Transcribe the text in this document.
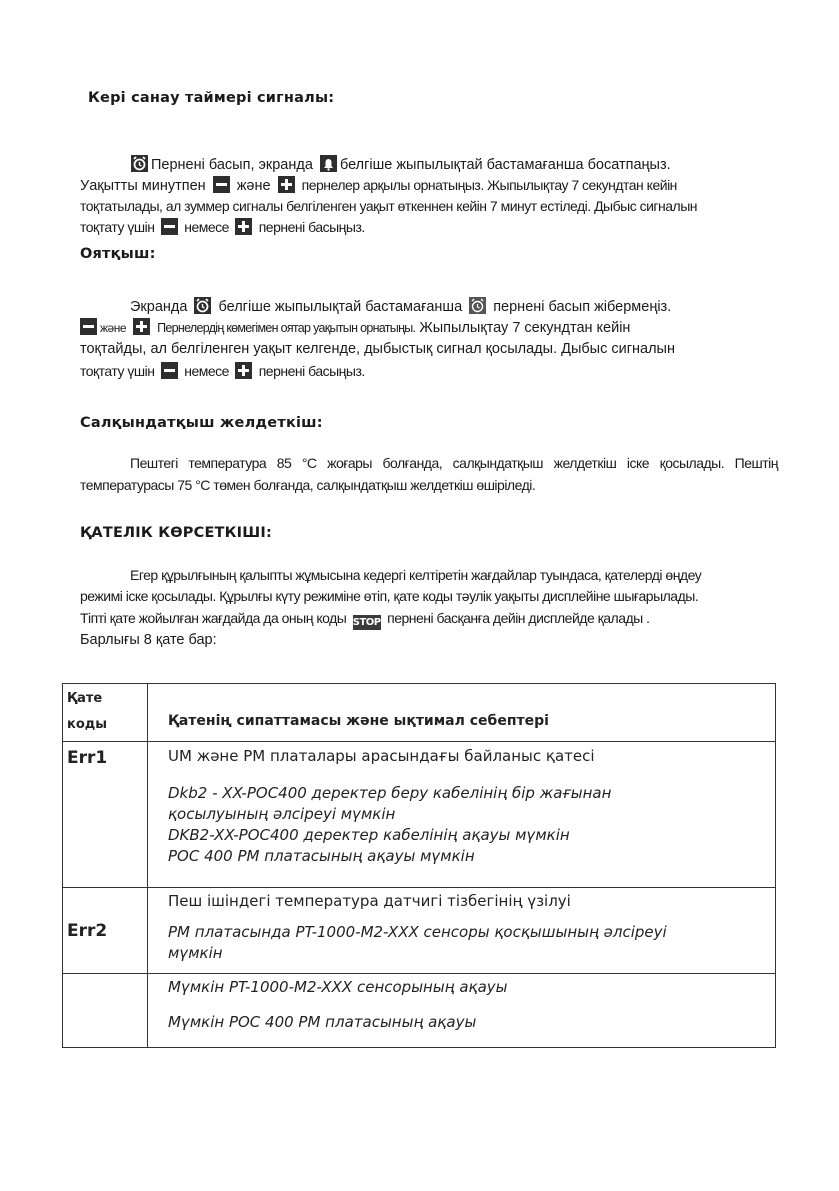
Кері санау таймері сигналы:
Пернені басып, экранда белгіше жыпылықтай бастамағанша босатпаңыз.
Уақытты минутпен және пернелер арқылы орнатыңыз. Жыпылықтау 7 секундтан кейін
тоқтатылады, ал зуммер сигналы белгіленген уақыт өткеннен кейін 7 минут естіледі. Дыбыс сигналын
тоқтату үшін немесе пернені басыңыз.
Оятқыш:
Экранда белгіше жыпылықтай бастамағанша пернені басып жібермеңіз.
және Пернелердің көмегімен оятар уақытын орнатыңы. Жыпылықтау 7 секундтан кейін
тоқтайды, ал белгіленген уақыт келгенде, дыбыстық сигнал қосылады. Дыбыс сигналын
тоқтату үшін немесе пернені басыңыз.
Салқындатқыш желдеткіш:
Пештегі температура 85 °C жоғары болғанда, салқындатқыш желдеткіш іске қосылады. Пештің
температурасы 75 °C төмен болғанда, салқындатқыш желдеткіш өшіріледі.
ҚАТЕЛІК КӨРСЕТКІШІ:
Егер құрылғының қалыпты жұмысына кедергі келтіретін жағдайлар туындаса, қателерді өңдеу
режимі іске қосылады. Құрылғы күту режиміне өтіп, қате коды тәулік уақыты дисплейіне шығарылады.
Тіпті қате жойылған жағдайда да оның коды STOP пернені басқанға дейін дисплейде қалады .
Барлығы 8 қате бар:
Қате
коды	Қатенің сипаттамасы және ықтимал себептері
Err1	UM және PM платалары арасындағы байланыс қатесі

Dkb2 - XX-POC400 деректер беру кабелінің бір жағынан

қосылуының әлсіреуі мүмкін

DKB2-XX-POC400 деректер кабелінің ақауы мүмкін

POC 400 PM платасының ақауы мүмкін

Err2	Пеш ішіндегі температура датчигі тізбегінің үзілуі

PM платасында PT-1000-M2-XXX сенсоры қосқышының әлсіреуі

мүмкін

	Мүмкін PT-1000-M2-XXX сенсорының ақауы

Мүмкін POC 400 PM платасының ақауы
